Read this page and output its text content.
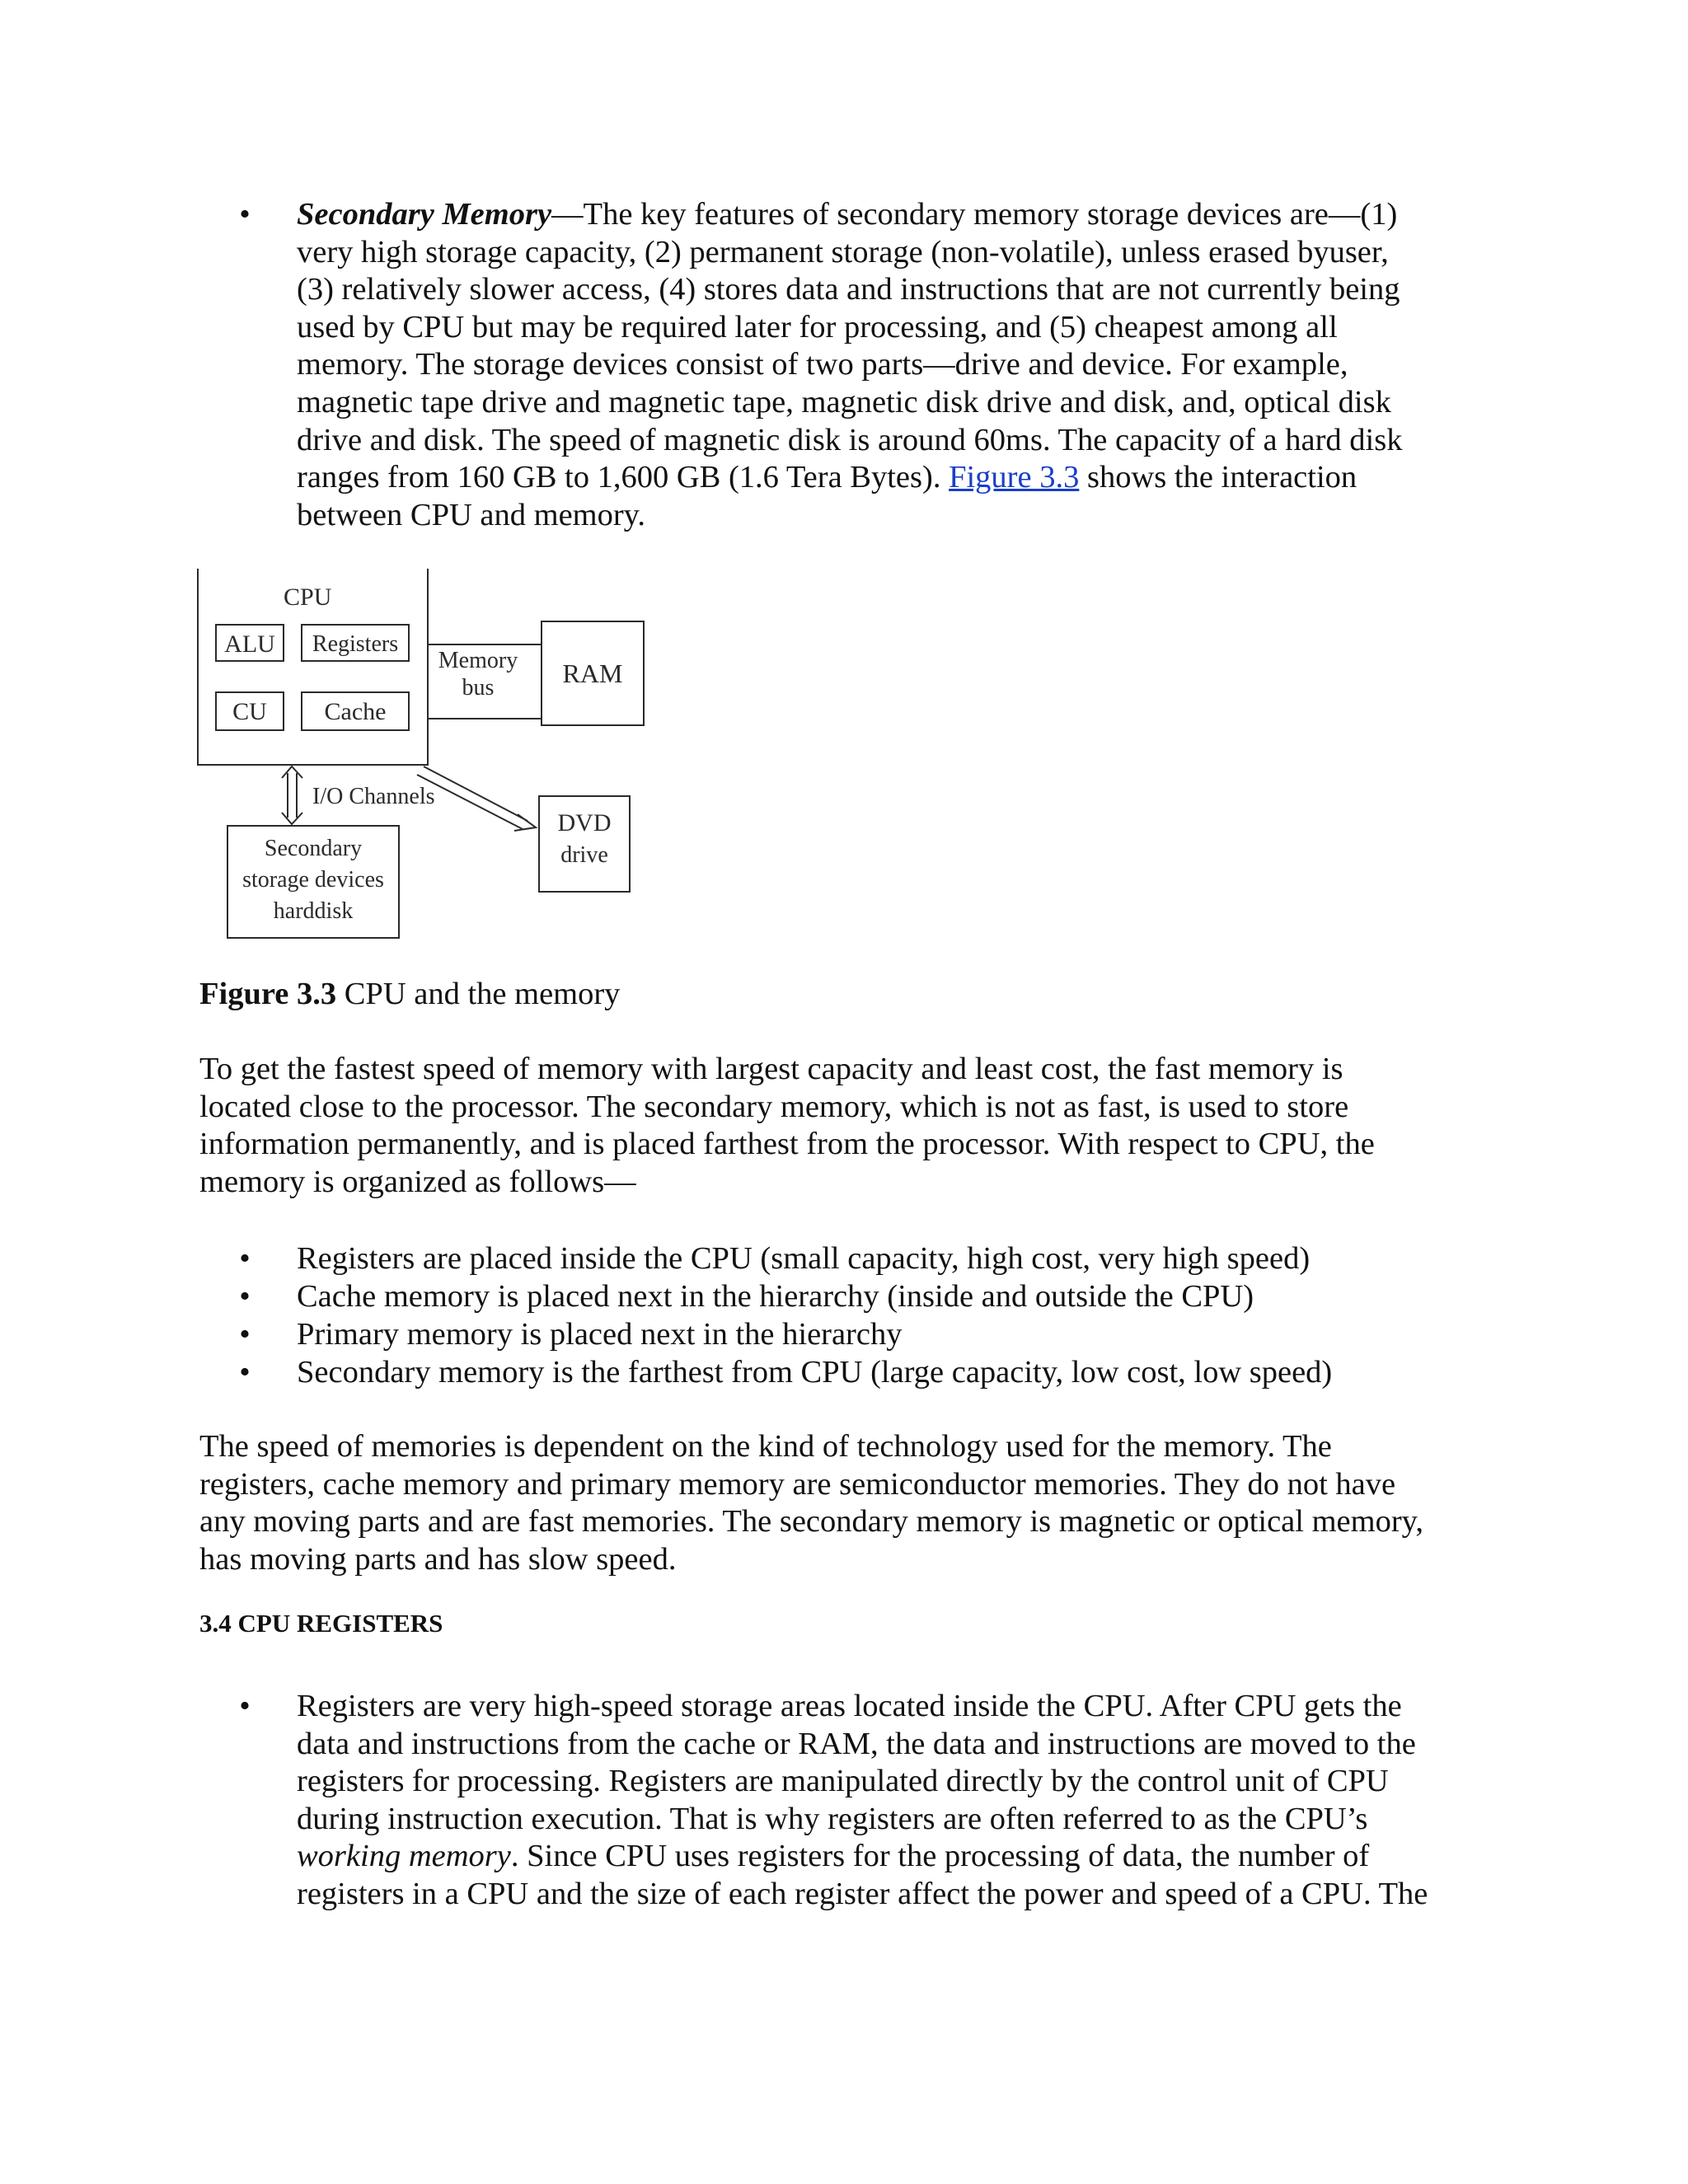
• Secondary Memory—The key features of secondary memory storage devices are—(1)
very high storage capacity, (2) permanent storage (non-volatile), unless erased byuser,
(3) relatively slower access, (4) stores data and instructions that are not currently being
used by CPU but may be required later for processing, and (5) cheapest among all
memory. The storage devices consist of two parts—drive and device. For example,
magnetic tape drive and magnetic tape, magnetic disk drive and disk, and, optical disk
drive and disk. The speed of magnetic disk is around 60ms. The capacity of a hard disk
ranges from 160 GB to 1,600 GB (1.6 Tera Bytes). Figure 3.3 shows the interaction
between CPU and memory.
CPU
ALU Registers
CU Cache
Memory
bus	RAM
I/O Channels
Secondary
storage devices
harddisk
DVD
drive
Figure 3.3 CPU and the memory
To get the fastest speed of memory with largest capacity and least cost, the fast memory is
located close to the processor. The secondary memory, which is not as fast, is used to store
information permanently, and is placed farthest from the processor. With respect to CPU, the
memory is organized as follows—
• Registers are placed inside the CPU (small capacity, high cost, very high speed)
• Cache memory is placed next in the hierarchy (inside and outside the CPU)
• Primary memory is placed next in the hierarchy
• Secondary memory is the farthest from CPU (large capacity, low cost, low speed)
The speed of memories is dependent on the kind of technology used for the memory. The
registers, cache memory and primary memory are semiconductor memories. They do not have
any moving parts and are fast memories. The secondary memory is magnetic or optical memory,
has moving parts and has slow speed.
3.4 CPU REGISTERS
• Registers are very high-speed storage areas located inside the CPU. After CPU gets the
data and instructions from the cache or RAM, the data and instructions are moved to the
registers for processing. Registers are manipulated directly by the control unit of CPU
during instruction execution. That is why registers are often referred to as the CPU’s
working memory. Since CPU uses registers for the processing of data, the number of
registers in a CPU and the size of each register affect the power and speed of a CPU. The
